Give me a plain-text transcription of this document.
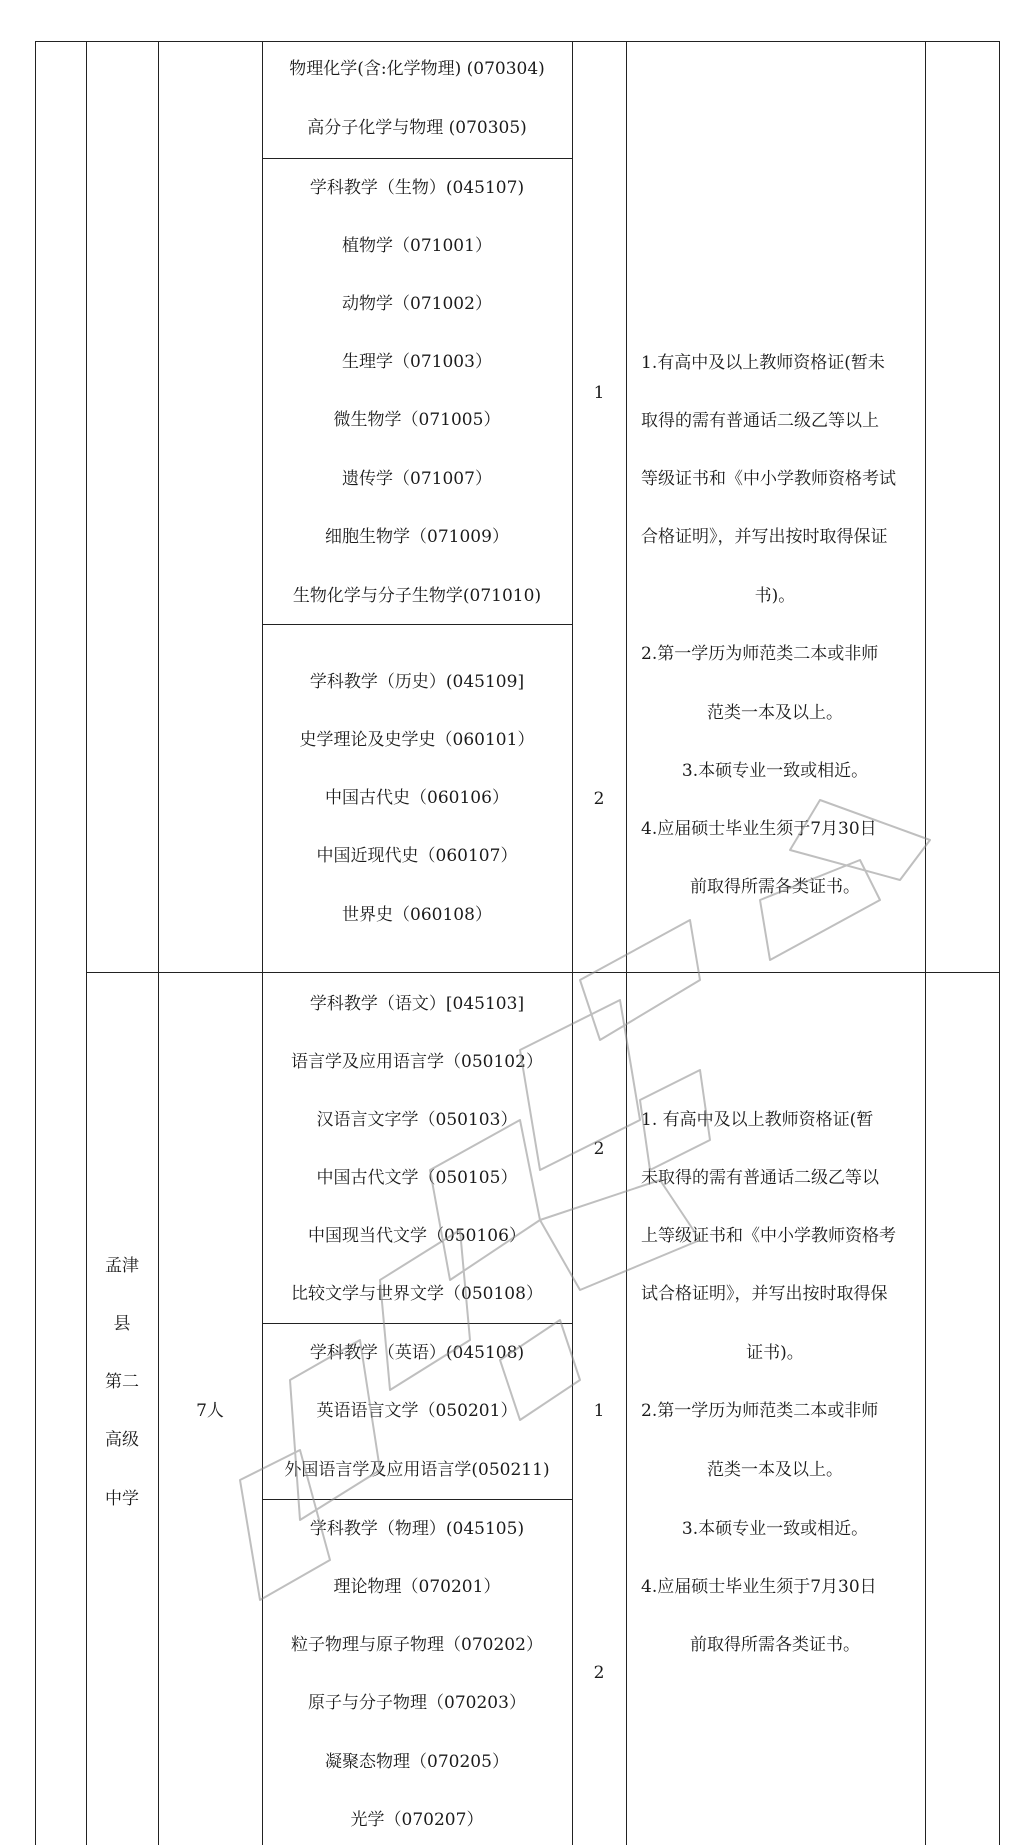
物理化学(含:化学物理) (070304)
高分子化学与物理 (070305)
学科教学（生物）(045107)
植物学（071001）
动物学（071002）
生理学（071003）
微生物学（071005）
遗传学（071007）
细胞生物学（071009）
生物化学与分子生物学(071010)
1
学科教学（历史）(045109]
史学理论及史学史（060101）
中国古代史（060106）
中国近现代史（060107）
世界史（060108）
2
1.有高中及以上教师资格证(暂未
取得的需有普通话二级乙等以上
等级证书和《中小学教师资格考试
合格证明》，并写出按时取得保证
书)。
2.第一学历为师范类二本或非师
范类一本及以上。
3.本硕专业一致或相近。
4.应届硕士毕业生须于7月30日
前取得所需各类证书。
孟津
县
第二
高级
中学
7人
学科教学（语文）[045103]
语言学及应用语言学（050102）
汉语言文字学（050103）
中国古代文学（050105）
中国现当代文学（050106）
比较文学与世界文学（050108）
2
学科教学（英语）(045108)
英语语言文学（050201）
外国语言学及应用语言学(050211)
1
学科教学（物理）(045105)
理论物理（070201）
粒子物理与原子物理（070202）
原子与分子物理（070203）
凝聚态物理（070205）
光学（070207）
2
1. 有高中及以上教师资格证(暂
未取得的需有普通话二级乙等以
上等级证书和《中小学教师资格考
试合格证明》，并写出按时取得保
证书)。
2.第一学历为师范类二本或非师
范类一本及以上。
3.本硕专业一致或相近。
4.应届硕士毕业生须于7月30日
前取得所需各类证书。
